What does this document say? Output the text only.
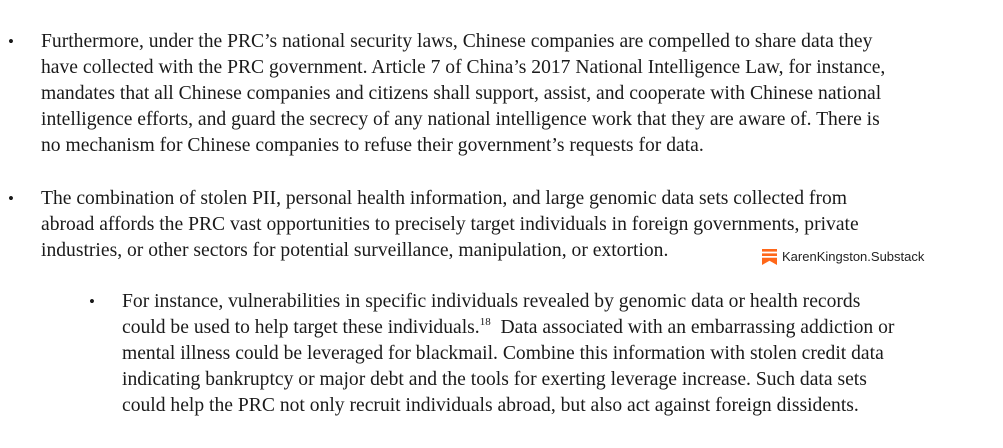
• Furthermore, under the PRC’s national security laws, Chinese companies are compelled to share data they
have collected with the PRC government. Article 7 of China’s 2017 National Intelligence Law, for instance,
mandates that all Chinese companies and citizens shall support, assist, and cooperate with Chinese national
intelligence efforts, and guard the secrecy of any national intelligence work that they are aware of. There is
no mechanism for Chinese companies to refuse their government’s requests for data.
• The combination of stolen PII, personal health information, and large genomic data sets collected from
abroad affords the PRC vast opportunities to precisely target individuals in foreign governments, private
industries, or other sectors for potential surveillance, manipulation, or extortion.	KarenKingston.Substack
• For instance, vulnerabilities in specific individuals revealed by genomic data or health records
could be used to help target these individuals.$^{18}$  Data associated with an embarrassing addiction or
mental illness could be leveraged for blackmail. Combine this information with stolen credit data
indicating bankruptcy or major debt and the tools for exerting leverage increase. Such data sets
could help the PRC not only recruit individuals abroad, but also act against foreign dissidents.
